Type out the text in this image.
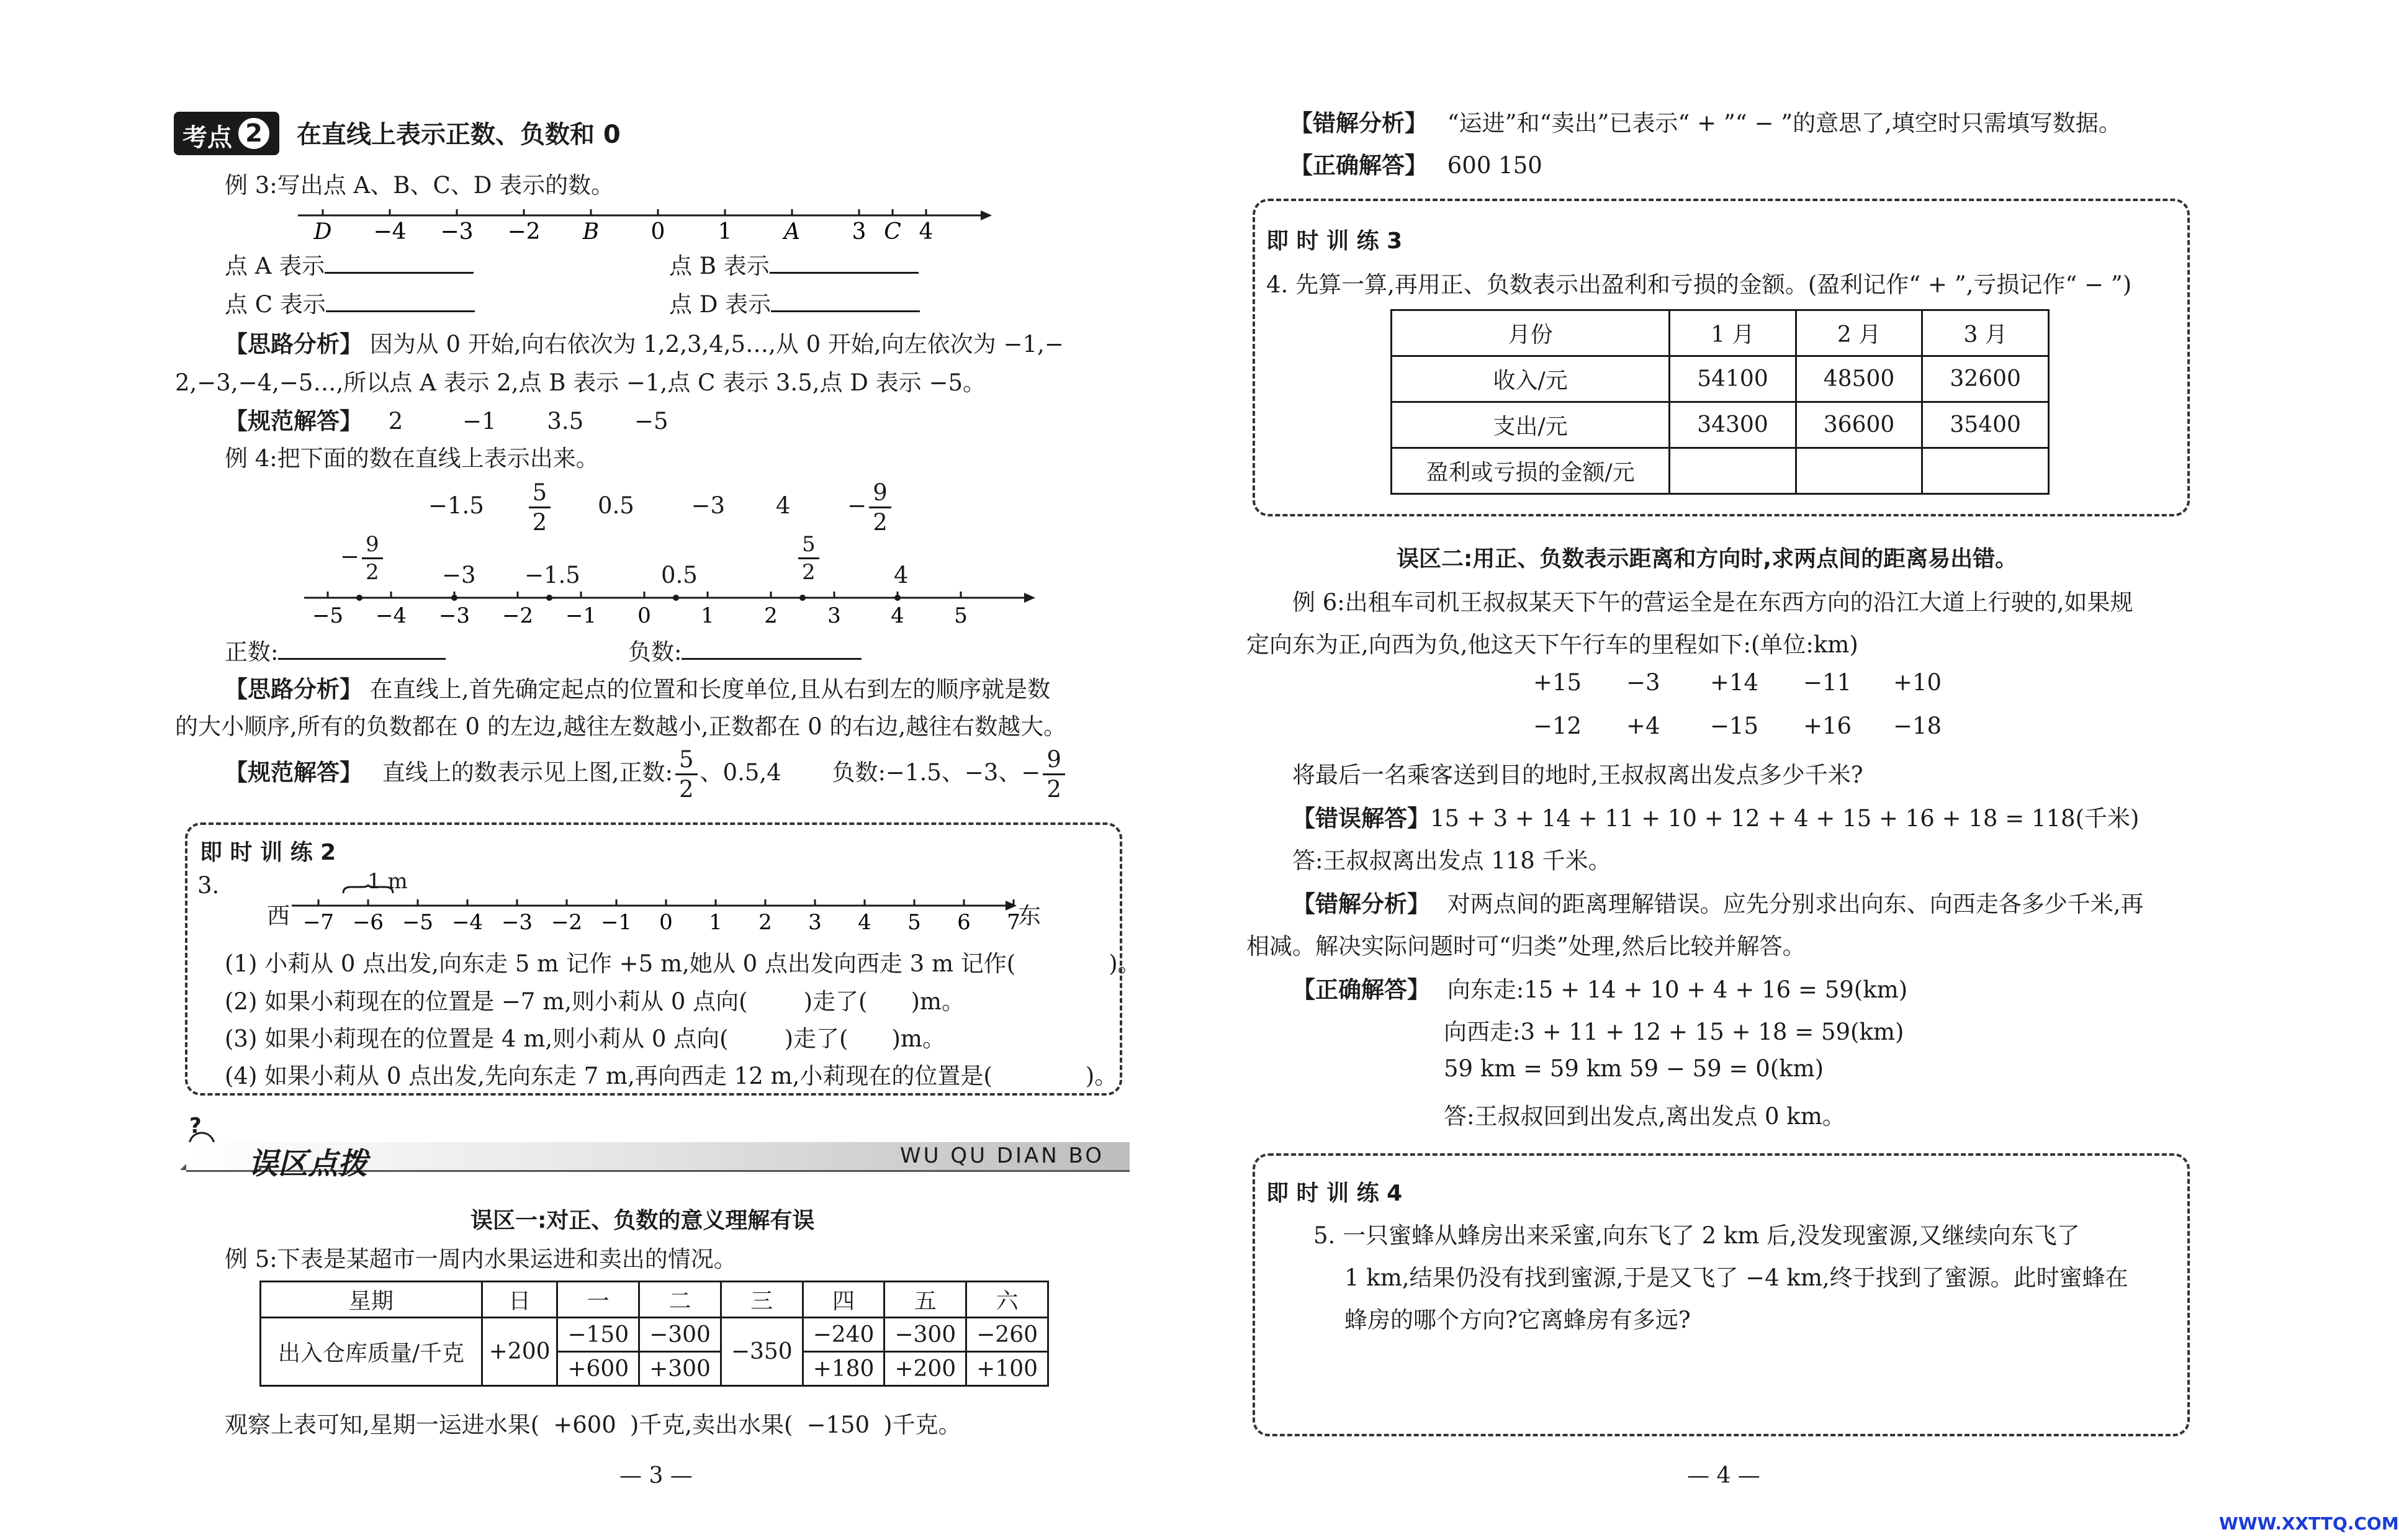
考点 2	在直线上表示正数、负数和 0
例 3:写出点 A、B、C、D 表示的数。
D −4 −3 −2 B 0 1 A 3 C 4
点 A 表示	点 B 表示
点 C 表示	点 D 表示
【思路分析】 因为从 0 开始,向右依次为 1,2,3,4,5…,从 0 开始,向左依次为 −1,−
2,−3,−4,−5…,所以点 A 表示 2,点 B 表示 −1,点 C 表示 3.5,点 D 表示 −5。
【规范解答】 2	−1 3.5 −5
例 4:把下面的数在直线上表示出来。
$-1.5 \frac{5}{2} 0.5 -3$ $4 - \frac{9}{2}$
− $\frac{9}{2}$	−3 −1.5	0.5	$\frac{5}{2}$	4
−5 −4 −3 −2 −1 0 1 2 3 4 5
正数:	负数:
【思路分析】 在直线上,首先确定起点的位置和长度单位,且从右到左的顺序就是数
的大小顺序,所有的负数都在 0 的左边,越往左数越小,正数都在 0 的右边,越往右数越大。
【规范解答】 直线上的数表示见上图,正数: $\frac{5}{2}$ 、0.5,4 负数:−1.5、−3、− $\frac{9}{2}$
即 时 训 练 2
3.	1 m
西	东
−7 −6 −5 −4 −3 −2 −1 0 1 2 3 4 5 6 7
(1) 小莉从 0 点出发,向东走 5 m 记作 +5 m,她从 0 点出发向西走 3 m 记作(	)。
(2) 如果小莉现在的位置是 −7 m,则小莉从 0 点向( )走了( )m。
(3) 如果小莉现在的位置是 4 m,则小莉从 0 点向( )走了( )m。
(4) 如果小莉从 0 点出发,先向东走 7 m,再向西走 12 m,小莉现在的位置是(	)。
?
误区点拨	WU QU DIAN BO
误区一:对正、负数的意义理解有误
例 5:下表是某超市一周内水果运进和卖出的情况。
星期	日	一	二	三	四	五	六
出入仓库质量/千克	+200	−150	−300	−350	−240	−300	−260
		+600	+300		+180	+200	+100
观察上表可知,星期一运进水果( +600 )千克,卖出水果( −150 )千克。
— 3 —
【错解分析】 “运进”和“卖出”已表示“ + ”“ − ”的意思了,填空时只需填写数据。
【正确解答】 600 150
即 时 训 练 3
4. 先算一算,再用正、负数表示出盈利和亏损的金额。(盈利记作“ + ”,亏损记作“ − ”)
月份	1 月	2 月	3 月
收入/元	54100	48500	32600
支出/元	34300	36600	35400
盈利或亏损的金额/元			
误区二:用正、负数表示距离和方向时,求两点间的距离易出错。
例 6:出租车司机王叔叔某天下午的营运全是在东西方向的沿江大道上行驶的,如果规
定向东为正,向西为负,他这天下午行车的里程如下:(单位:km)
+15 −3 +14 −11 +10
−12 +4 −15 +16 −18
将最后一名乘客送到目的地时,王叔叔离出发点多少千米?
【错误解答】15 + 3 + 14 + 11 + 10 + 12 + 4 + 15 + 16 + 18 = 118(千米)
答:王叔叔离出发点 118 千米。
【错解分析】 对两点间的距离理解错误。应先分别求出向东、向西走各多少千米,再
相减。解决实际问题时可“归类”处理,然后比较并解答。
【正确解答】 向东走:15 + 14 + 10 + 4 + 16 = 59(km)
向西走:3 + 11 + 12 + 15 + 18 = 59(km)
59 km = 59 km 59 − 59 = 0(km)
答:王叔叔回到出发点,离出发点 0 km。
即 时 训 练 4
5. 一只蜜蜂从蜂房出来采蜜,向东飞了 2 km 后,没发现蜜源,又继续向东飞了
1 km,结果仍没有找到蜜源,于是又飞了 −4 km,终于找到了蜜源。此时蜜蜂在
蜂房的哪个方向?它离蜂房有多远?
— 4 —
WWW.XXTTQ.COM
